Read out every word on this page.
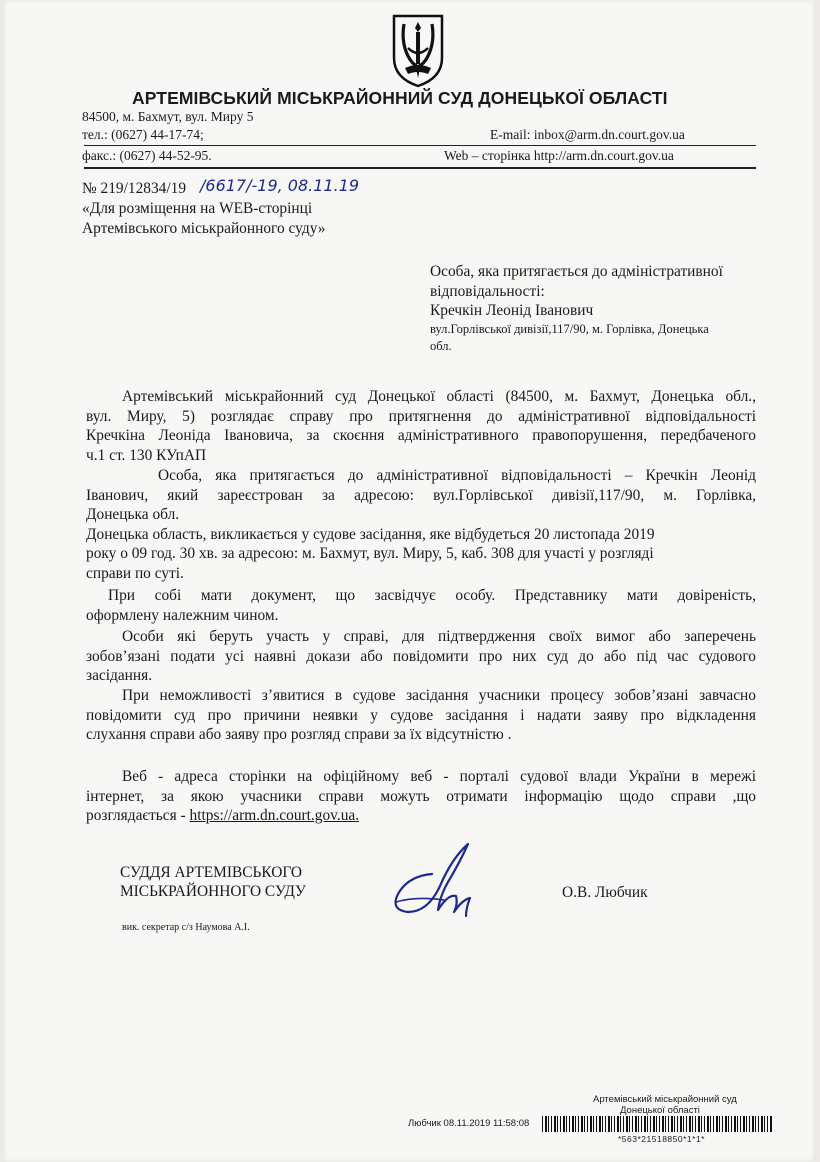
АРТЕМІВСЬКИЙ МІСЬКРАЙОННИЙ СУД ДОНЕЦЬКОЇ ОБЛАСТІ
84500, м. Бахмут, вул. Миру 5
тел.: (0627) 44-17-74;	E-mail: inbox@arm.dn.court.gov.ua
факс.: (0627) 44-52-95.	Web – сторінка http://arm.dn.court.gov.ua
№ 219/12834/19 /6617/-19, 08.11.19
«Для розміщення на WEB-сторінці
Артемівського міськрайонного суду»
Особа, яка притягається до адміністративної
відповідальності:
Кречкін Леонід Іванович
вул.Горлівської дивізії,117/90, м. Горлівка, Донецька
обл.
Артемівський міськрайонний суд Донецької області (84500, м. Бахмут, Донецька обл.,
вул. Миру, 5) розглядає справу про притягнення до адміністративної відповідальності
Кречкіна Леоніда Івановича, за скоєння адміністративного правопорушення, передбаченого
ч.1 ст. 130 КУпАП
Особа, яка притягається до адміністративної відповідальності – Кречкін Леонід
Іванович, який зареєстрован за адресою: вул.Горлівської дивізії,117/90, м. Горлівка,
Донецька обл.
Донецька область, викликається у судове засідання, яке відбудеться 20 листопада 2019
року о 09 год. 30 хв. за адресою: м. Бахмут, вул. Миру, 5, каб. 308 для участі у розгляді
справи по суті.
При собі мати документ, що засвідчує особу. Представнику мати довіреність,
оформлену належним чином.
Особи які беруть участь у справі, для підтвердження своїх вимог або заперечень
зобов’язані подати усі наявні докази або повідомити про них суд до або під час судового
засідання.
При неможливості з’явитися в судове засідання учасники процесу зобов’язані завчасно
повідомити суд про причини неявки у судове засідання і надати заяву про відкладення
слухання справи або заяву про розгляд справи за їх відсутністю .
Веб - адреса сторінки на офіційному веб - порталі судової влади України в мережі
інтернет, за якою учасники справи можуть отримати інформацію щодо справи ,що
розглядається - https://arm.dn.court.gov.ua.
СУДДЯ АРТЕМІВСЬКОГО
МІСЬКРАЙОННОГО СУДУ	О.В. Любчик
вик. секретар с/з Наумова А.І.
Артемівський міськрайонний суд
Донецької області
Любчик 08.11.2019 11:58:08
*563*21518850*1*1*
